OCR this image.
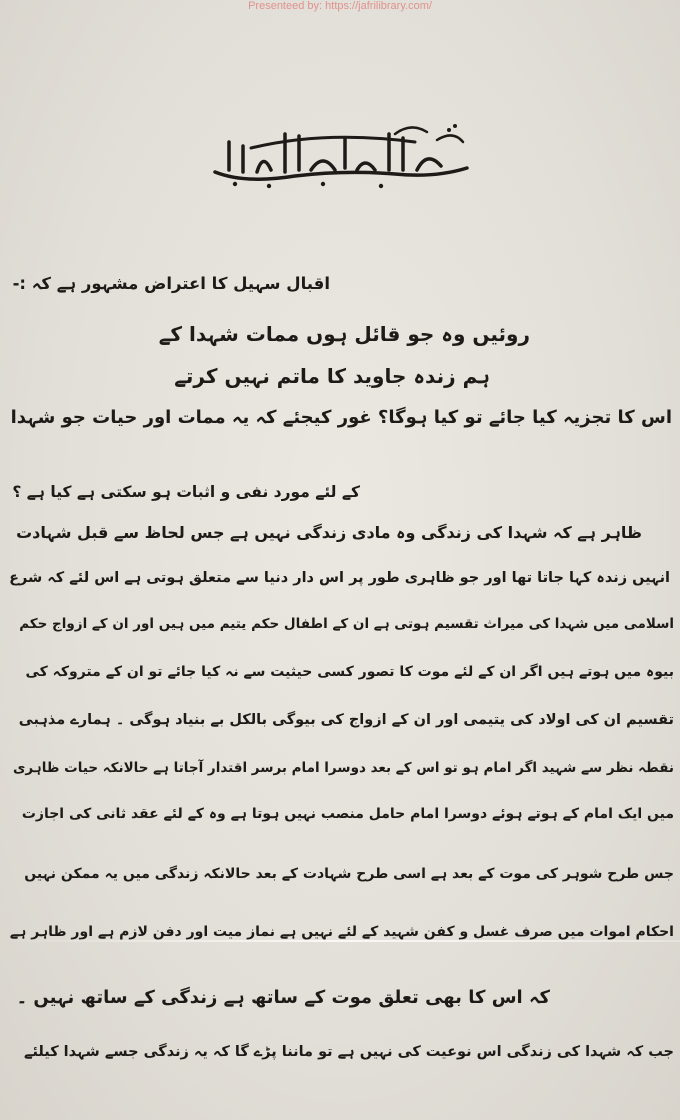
Presenteed by: https://jafrilibrary.com/
اقبال سہیل کا اعتراض مشہور ہے کہ :-
روئیں وہ جو قائل ہوں ممات شہدا کے
ہم زندہ جاوید کا ماتم نہیں کرتے
اس کا تجزیہ کیا جائے تو کیا ہوگا؟ غور کیجئے کہ یہ ممات اور حیات جو شہدا
کے لئے مورد نفی و اثبات ہو سکتی ہے کیا ہے ؟
ظاہر ہے کہ شہدا کی زندگی وہ مادی زندگی نہیں ہے جس لحاظ سے قبل شہادت
انہیں زندہ کہا جاتا تھا اور جو ظاہری طور پر اس دار دنیا سے متعلق ہوتی ہے اس لئے کہ شرع
اسلامی میں شہدا کی میراث تقسیم ہوتی ہے ان کے اطفال حکم یتیم میں ہیں اور ان کے ازواج حکم
بیوہ میں ہوتے ہیں اگر ان کے لئے موت کا تصور کسی حیثیت سے نہ کیا جائے تو ان کے متروکہ کی
تقسیم ان کی اولاد کی یتیمی اور ان کے ازواج کی بیوگی بالکل بے بنیاد ہوگی ۔ ہمارے مذہبی
نقطہ نظر سے شہید اگر امام ہو تو اس کے بعد دوسرا امام برسر اقتدار آجاتا ہے حالانکہ حیات ظاہری
میں ایک امام کے ہوتے ہوئے دوسرا امام حامل منصب نہیں ہوتا ہے وہ کے لئے عقد ثانی کی اجازت
جس طرح شوہر کی موت کے بعد ہے اسی طرح شہادت کے بعد حالانکہ زندگی میں یہ ممکن نہیں
احکام اموات میں صرف غسل و کفن شہید کے لئے نہیں ہے نماز میت اور دفن لازم ہے اور ظاہر ہے
کہ اس کا بھی تعلق موت کے ساتھ ہے زندگی کے ساتھ نہیں ۔
جب کہ شہدا کی زندگی اس نوعیت کی نہیں ہے تو ماننا پڑے گا کہ یہ زندگی جسے شہدا کیلئے
